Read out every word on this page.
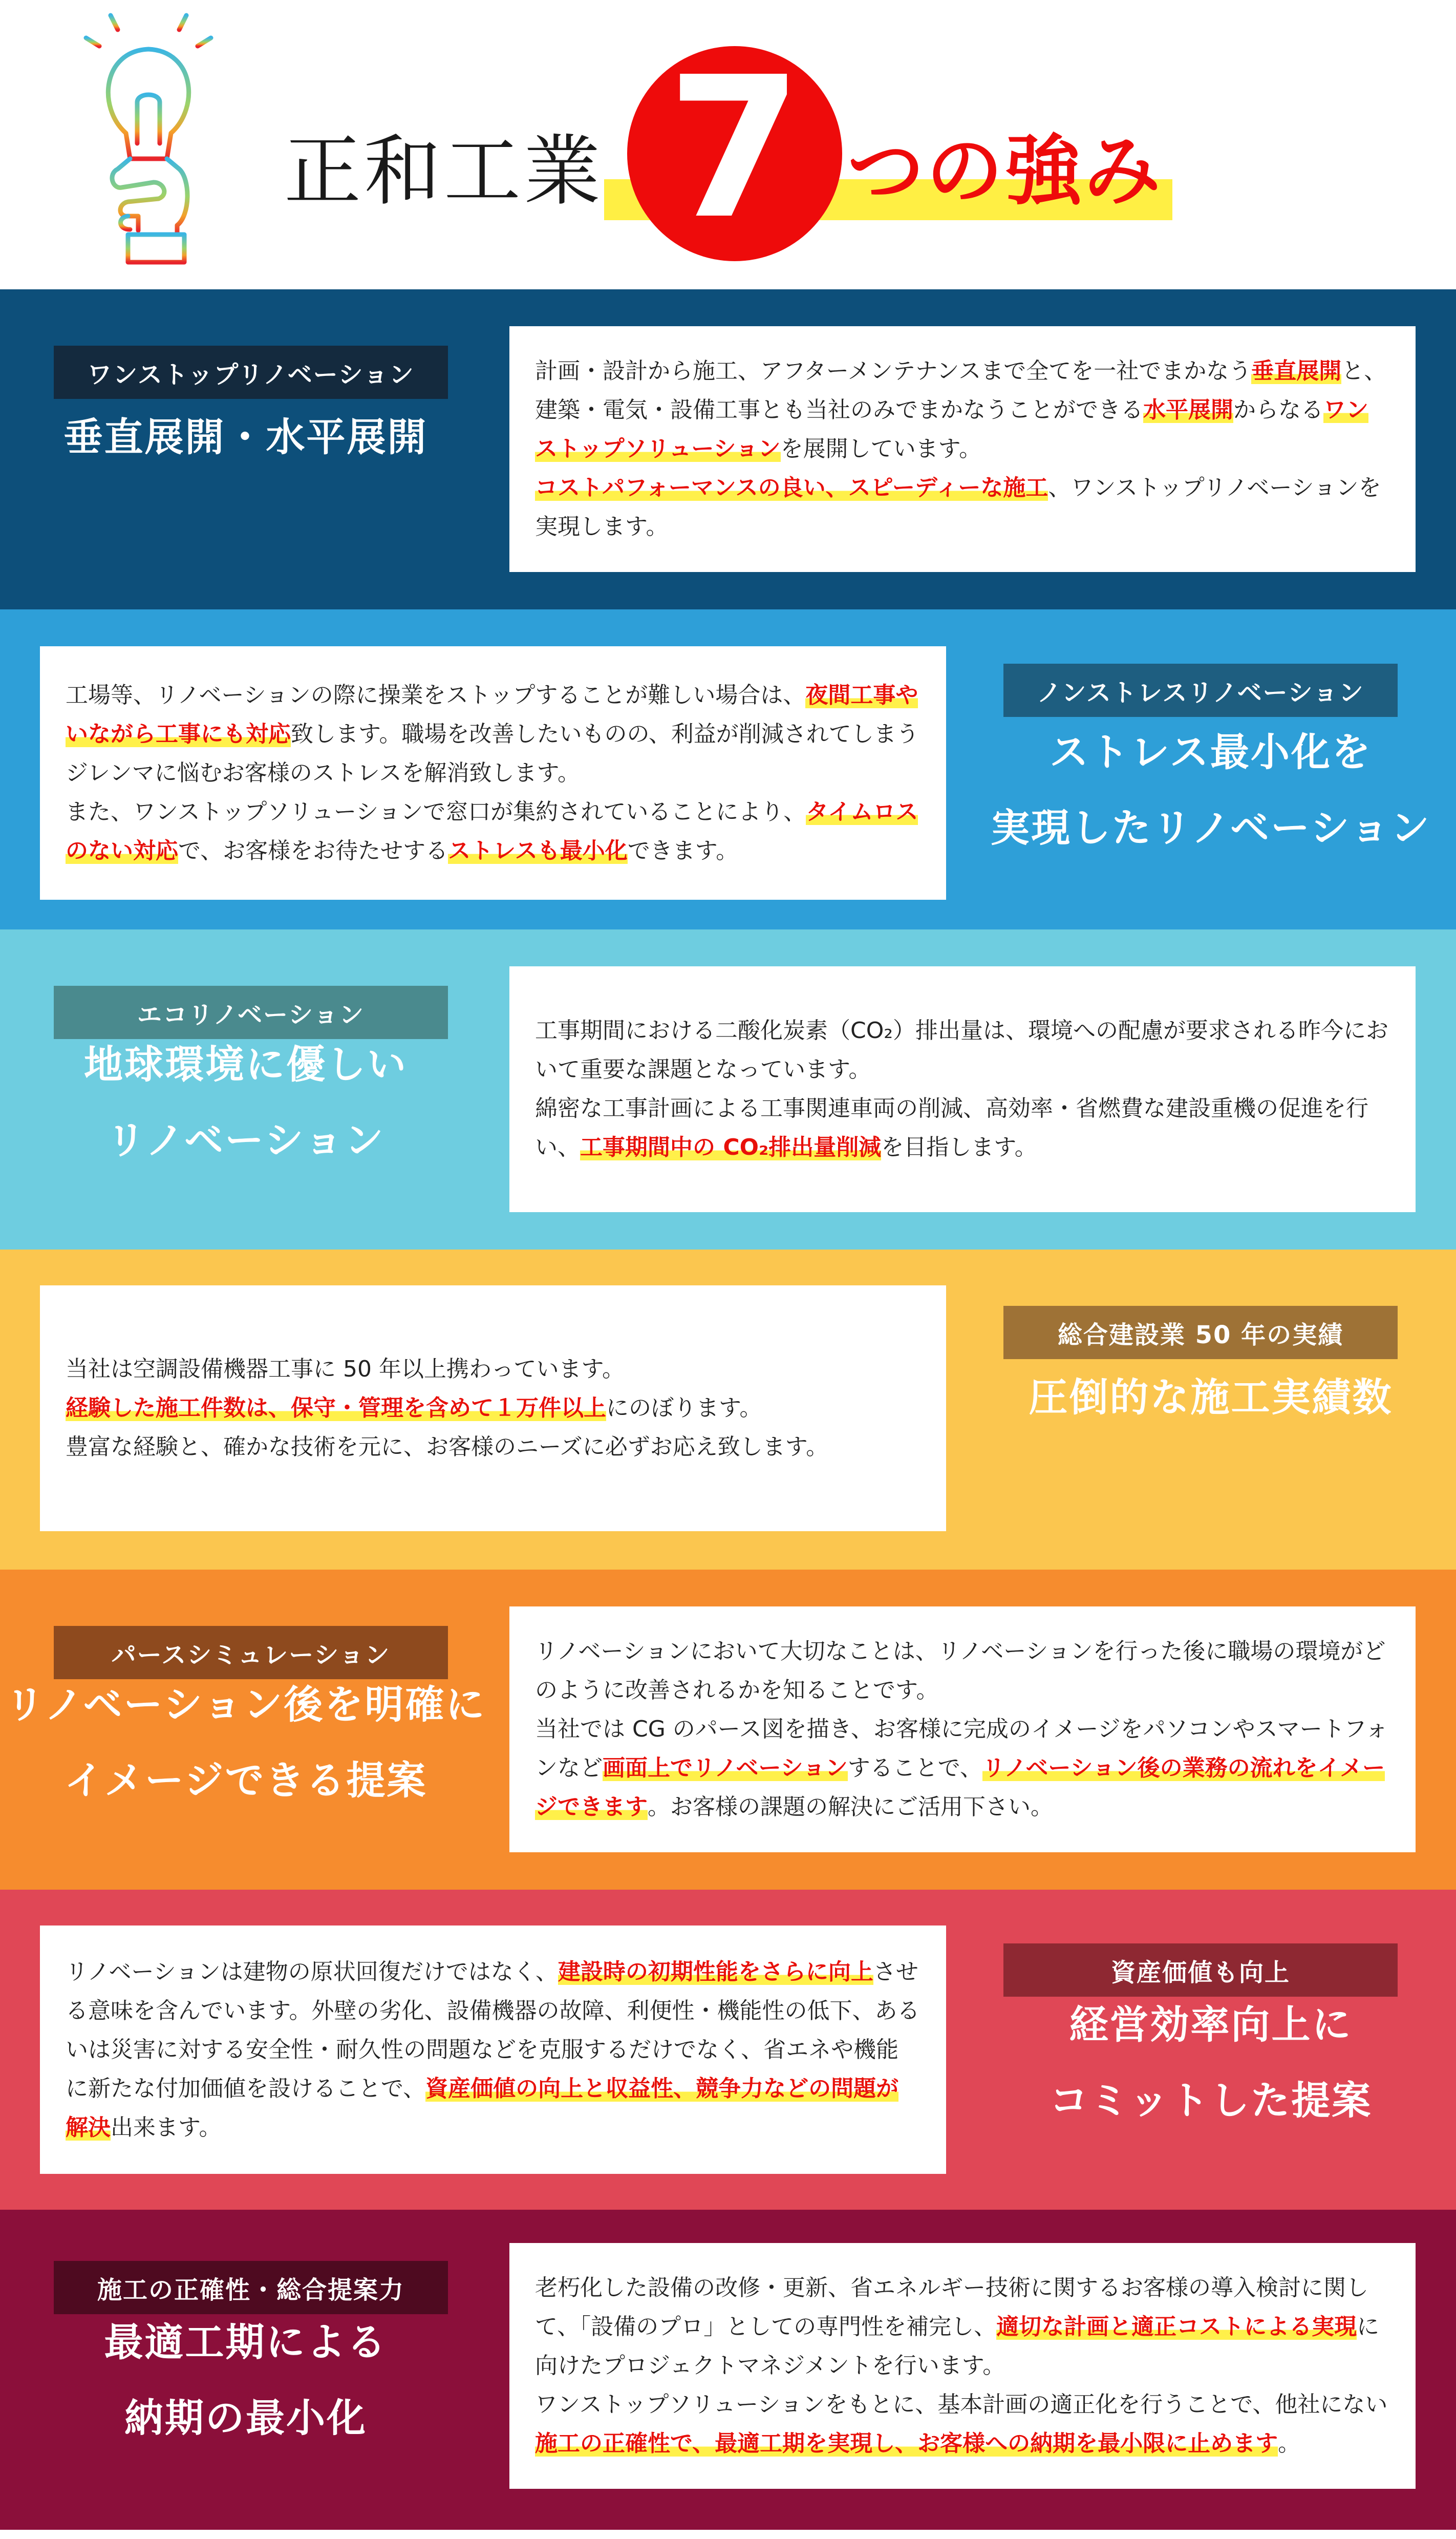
正和工業 7 つの強み
ワンストップリノベーション
垂直展開・水平展開

計画・設計から施工、アフターメンテナンスまで全てを一社でまかなう垂直展開と、建築・電気・設備工事とも当社のみでまかなうことができる水平展開からなるワンストップソリューションを展開しています。

コストパフォーマンスの良い、スピーディーな施工、ワンストップリノベーションを実現します。

ノンストレスリノベーション
ストレス最小化を
実現したリノベーション

工場等、リノベーションの際に操業をストップすることが難しい場合は、夜間工事やいながら工事にも対応致します。職場を改善したいものの、利益が削減されてしまうジレンマに悩むお客様のストレスを解消致します。

また、ワンストップソリューションで窓口が集約されていることにより、タイムロスのない対応で、お客様をお待たせするストレスも最小化できます。

エコリノベーション
地球環境に優しい
リノベーション

工事期間における二酸化炭素（CO₂）排出量は、環境への配慮が要求される昨今において重要な課題となっています。

綿密な工事計画による工事関連車両の削減、高効率・省燃費な建設重機の促進を行い、工事期間中の CO₂排出量削減を目指します。

総合建設業 50 年の実績
圧倒的な施工実績数

当社は空調設備機器工事に 50 年以上携わっています。

経験した施工件数は、保守・管理を含めて１万件以上にのぼります。

豊富な経験と、確かな技術を元に、お客様のニーズに必ずお応え致します。

パースシミュレーション
リノベーション後を明確に
イメージできる提案

リノベーションにおいて大切なことは、リノベーションを行った後に職場の環境がどのように改善されるかを知ることです。

当社では CG のパース図を描き、お客様に完成のイメージをパソコンやスマートフォンなど画面上でリノベーションすることで、リノベーション後の業務の流れをイメージできます。お客様の課題の解決にご活用下さい。

資産価値も向上
経営効率向上に
コミットした提案

リノベーションは建物の原状回復だけではなく、建設時の初期性能をさらに向上させる意味を含んでいます。外壁の劣化、設備機器の故障、利便性・機能性の低下、あるいは災害に対する安全性・耐久性の問題などを克服するだけでなく、省エネや機能に新たな付加価値を設けることで、資産価値の向上と収益性、競争力などの問題が解決出来ます。

施工の正確性・総合提案力
最適工期による
納期の最小化

老朽化した設備の改修・更新、省エネルギー技術に関するお客様の導入検討に関して、「設備のプロ」としての専門性を補完し、適切な計画と適正コストによる実現に向けたプロジェクトマネジメントを行います。

ワンストップソリューションをもとに、基本計画の適正化を行うことで、他社にない施工の正確性で、最適工期を実現し、お客様への納期を最小限に止めます。
